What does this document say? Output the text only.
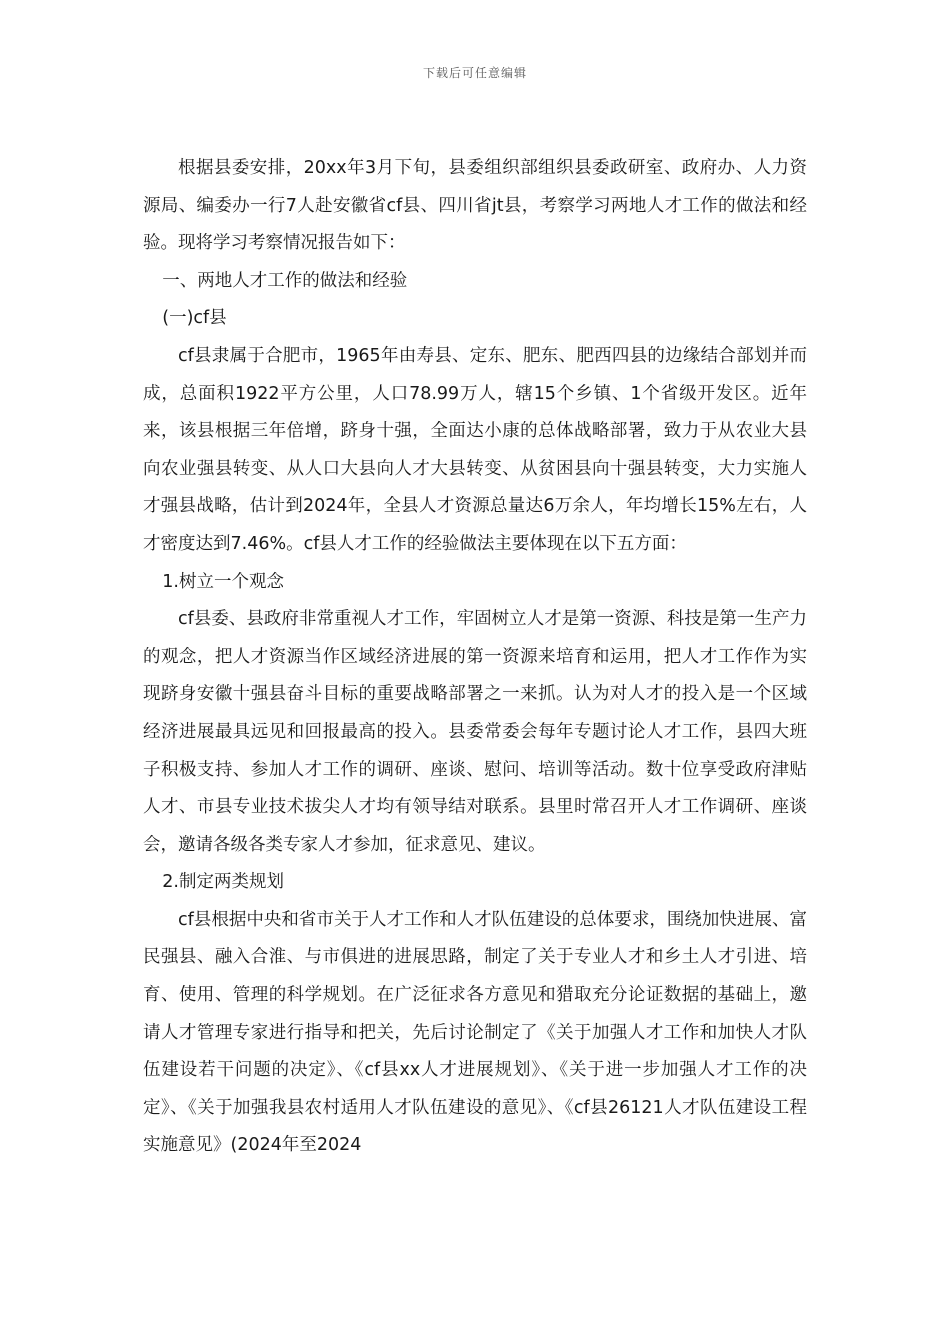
下载后可任意编辑

根据县委安排，20xx年3月下旬，县委组织部组织县委政研室、政府办、人力资源局、编委办一行7人赴安徽省cf县、四川省jt县，考察学习两地人才工作的做法和经验。现将学习考察情况报告如下：

一、两地人才工作的做法和经验

(一)cf县

cf县隶属于合肥市，1965年由寿县、定东、肥东、肥西四县的边缘结合部划并而成，总面积1922平方公里，人口78.99万人，辖15个乡镇、1个省级开发区。近年来，该县根据三年倍增，跻身十强，全面达小康的总体战略部署，致力于从农业大县向农业强县转变、从人口大县向人才大县转变、从贫困县向十强县转变，大力实施人才强县战略，估计到2024年，全县人才资源总量达6万余人，年均增长15%左右，人才密度达到7.46%。cf县人才工作的经验做法主要体现在以下五方面：

1.树立一个观念

cf县委、县政府非常重视人才工作，牢固树立人才是第一资源、科技是第一生产力的观念，把人才资源当作区域经济进展的第一资源来培育和运用，把人才工作作为实现跻身安徽十强县奋斗目标的重要战略部署之一来抓。认为对人才的投入是一个区域经济进展最具远见和回报最高的投入。县委常委会每年专题讨论人才工作，县四大班子积极支持、参加人才工作的调研、座谈、慰问、培训等活动。数十位享受政府津贴人才、市县专业技术拔尖人才均有领导结对联系。县里时常召开人才工作调研、座谈会，邀请各级各类专家人才参加，征求意见、建议。

2.制定两类规划

cf县根据中央和省市关于人才工作和人才队伍建设的总体要求，围绕加快进展、富民强县、融入合淮、与市俱进的进展思路，制定了关于专业人才和乡土人才引进、培育、使用、管理的科学规划。在广泛征求各方意见和猎取充分论证数据的基础上，邀请人才管理专家进行指导和把关，先后讨论制定了《关于加强人才工作和加快人才队伍建设若干问题的决定》、《cf县xx人才进展规划》、《关于进一步加强人才工作的决定》、《关于加强我县农村适用人才队伍建设的意见》、《cf县26121人才队伍建设工程实施意见》(2024年至2024
